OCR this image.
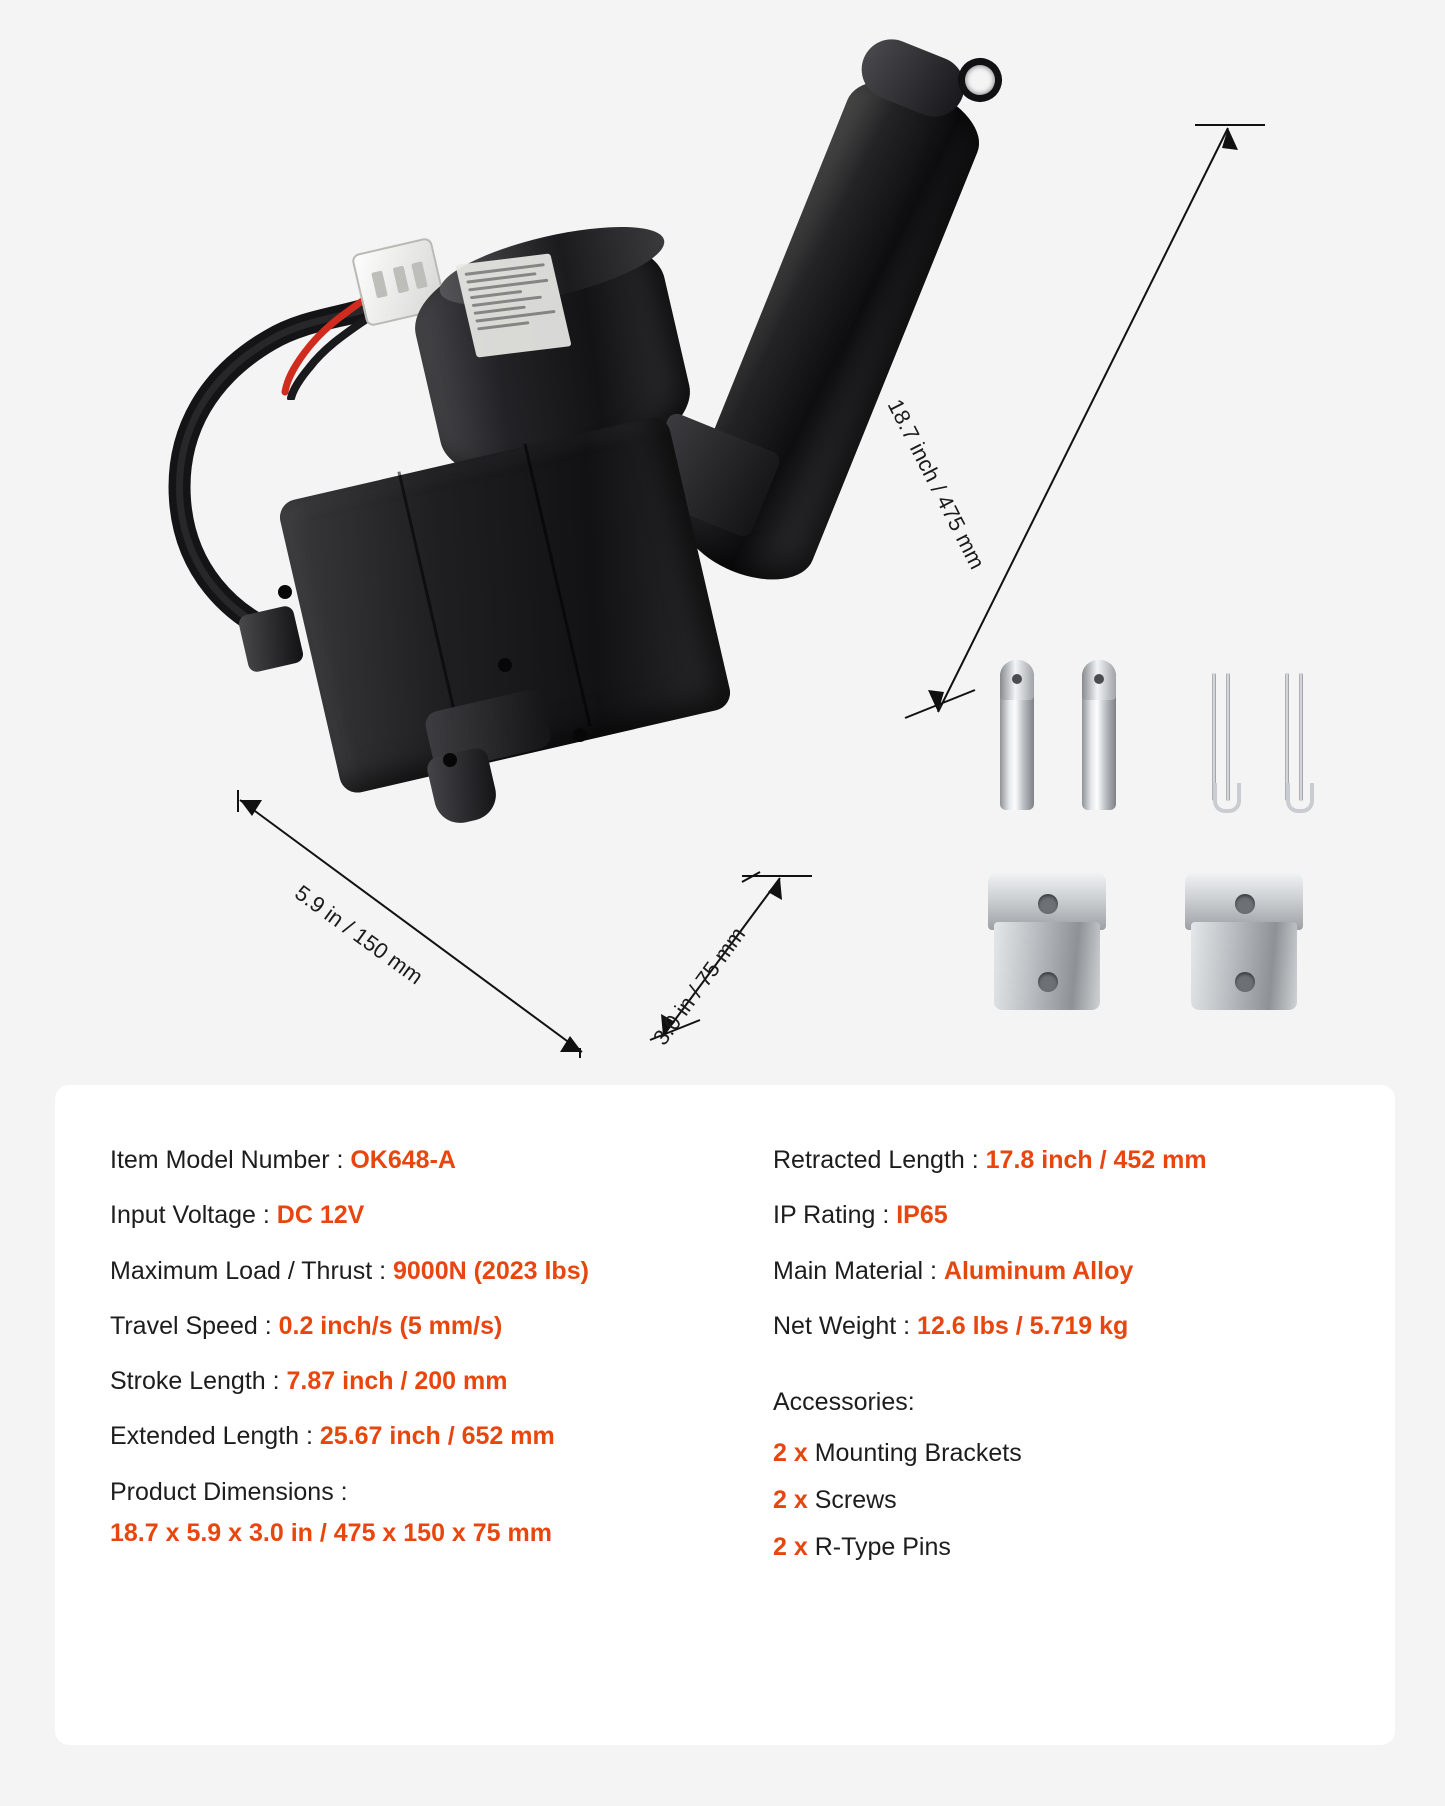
18.7 inch / 475 mm
5.9 in / 150 mm	3.0 in / 75 mm
Item Model Number : OK648-A
Input Voltage : DC 12V
Maximum Load / Thrust : 9000N (2023 lbs)
Travel Speed : 0.2 inch/s (5 mm/s)
Stroke Length : 7.87 inch / 200 mm
Extended Length : 25.67 inch / 652 mm
Product Dimensions :
18.7 x 5.9 x 3.0 in / 475 x 150 x 75 mm
Retracted Length : 17.8 inch / 452 mm
IP Rating : IP65
Main Material : Aluminum Alloy
Net Weight : 12.6 lbs / 5.719 kg
Accessories:
2 x Mounting Brackets
2 x Screws
2 x R-Type Pins
